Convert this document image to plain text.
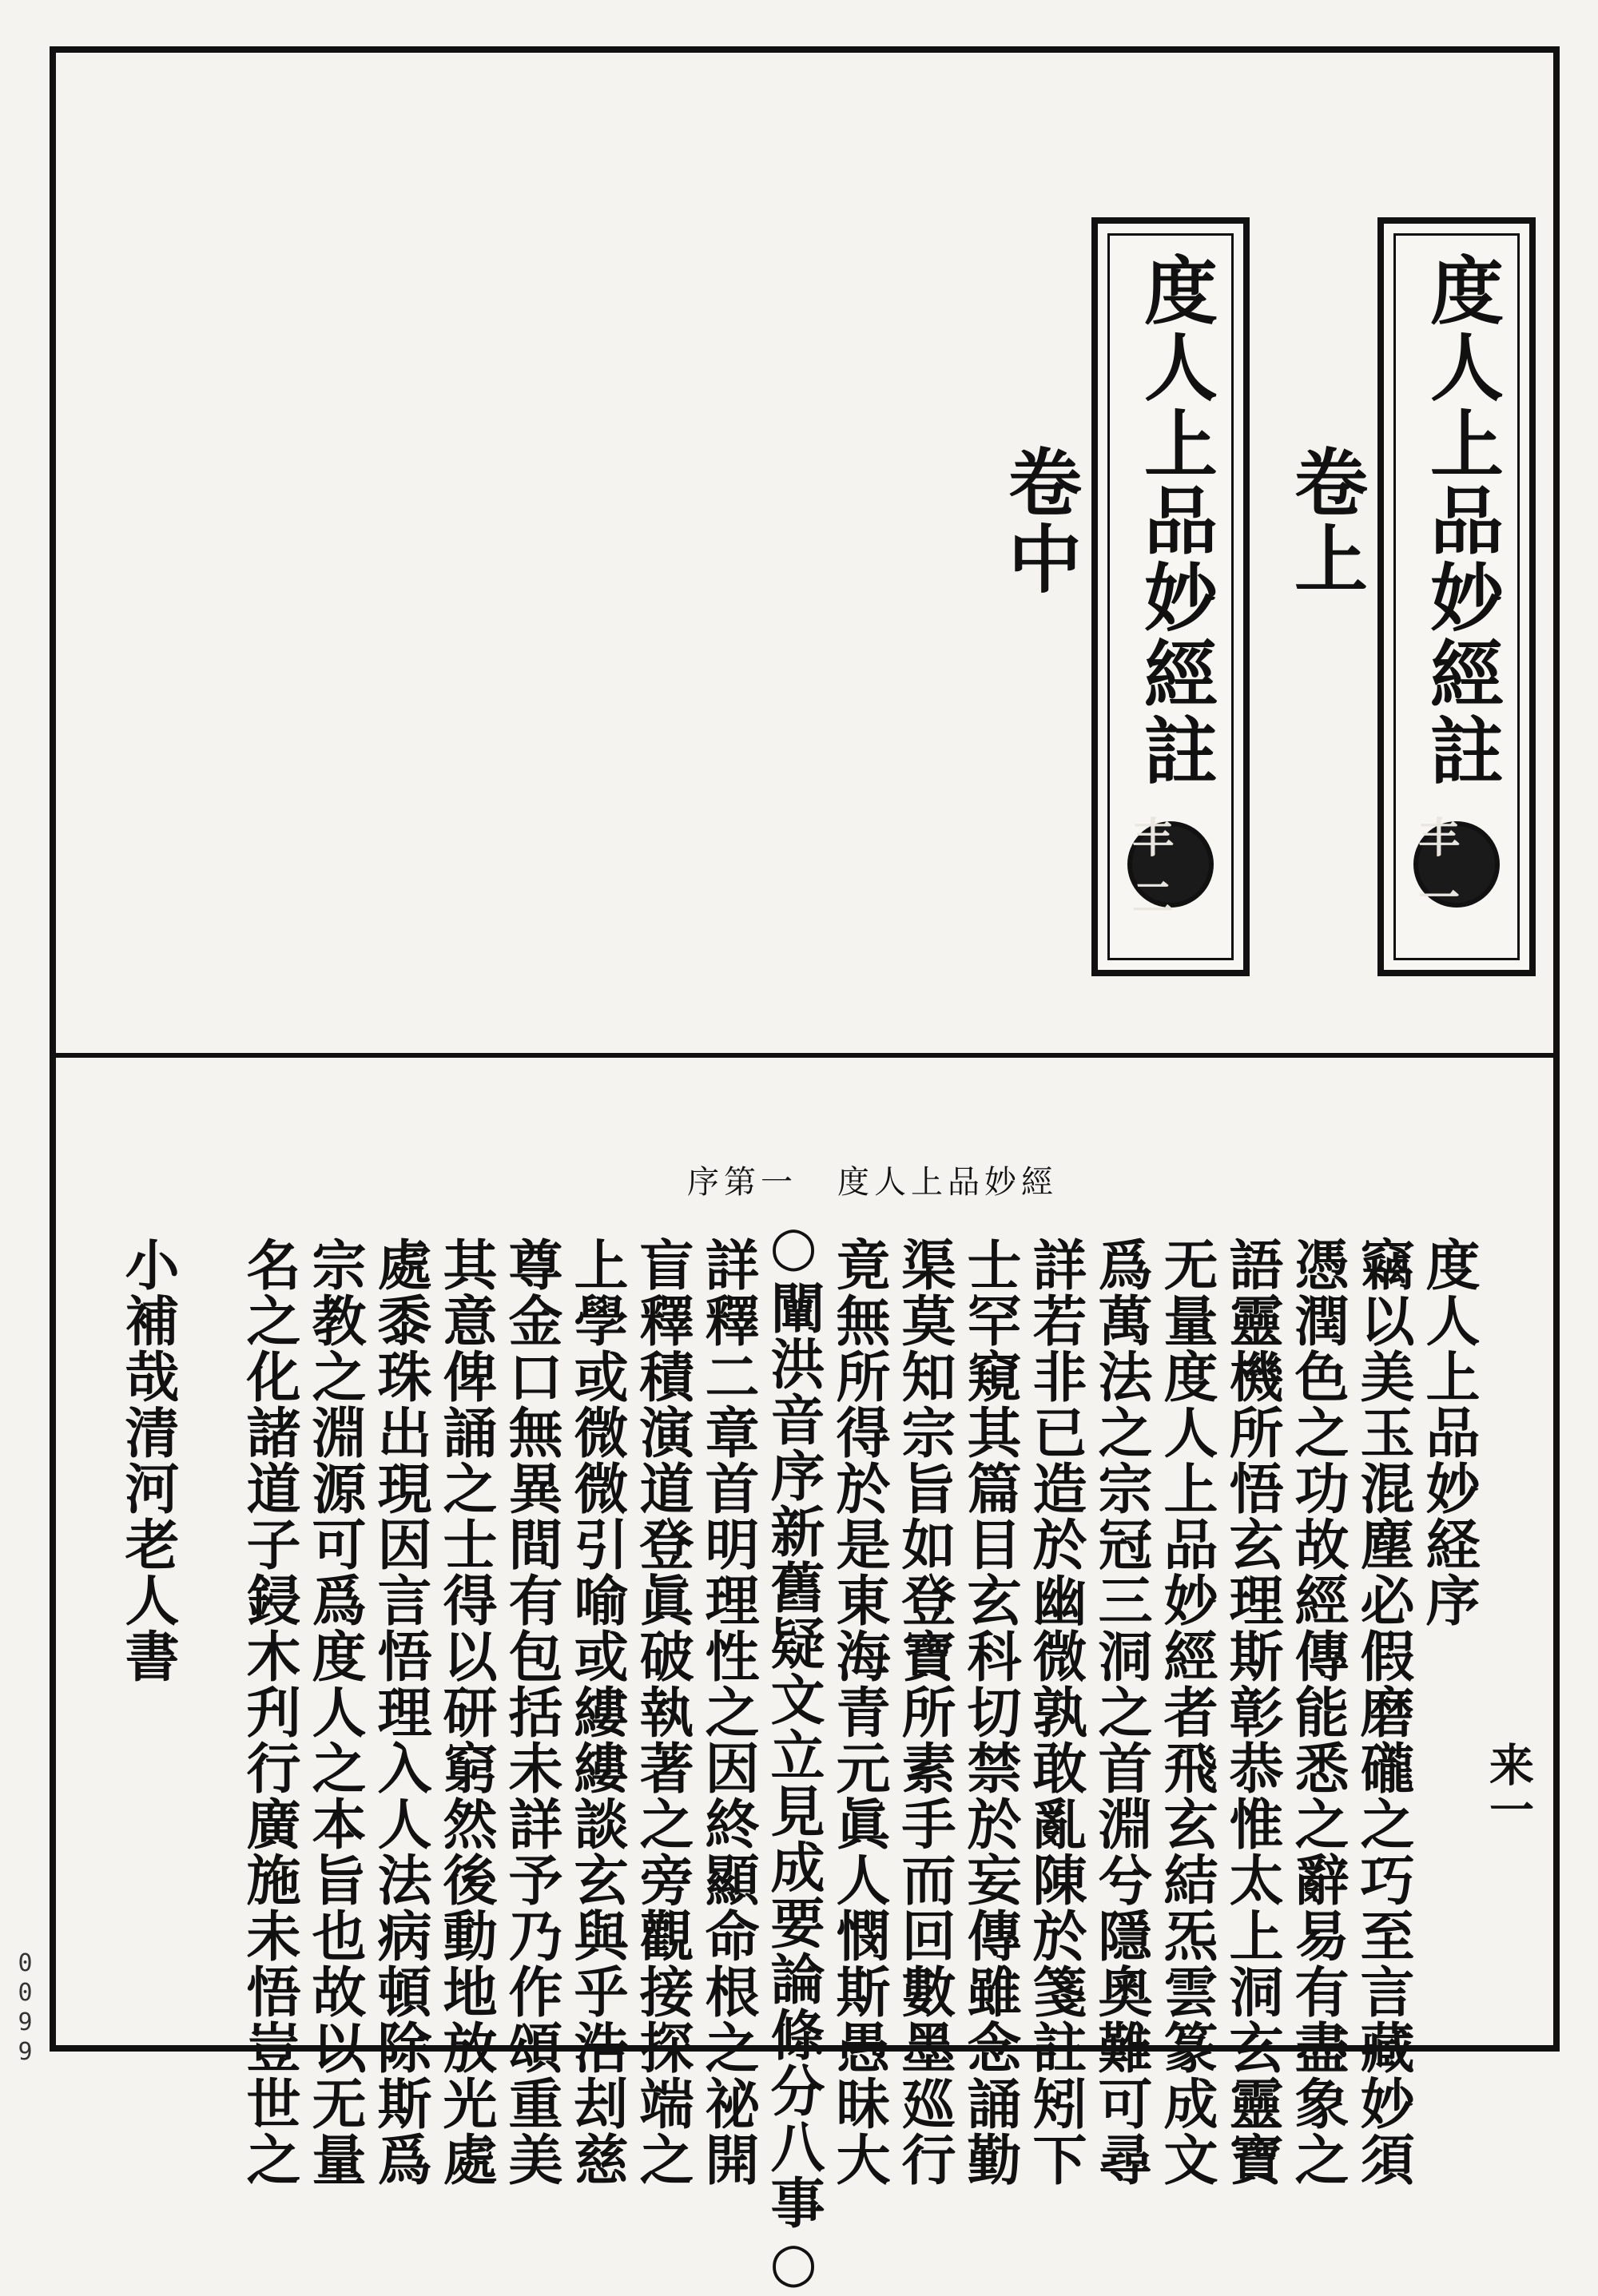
度人上品妙經註卷上
丰一
度人上品妙經註卷中
丰二
序第一 度人上品妙經
来一
度人上品妙経序
竊以美玉混塵必假磨礲之巧至言藏妙須
憑潤色之功故經傳能悉之辭易有盡象之
語靈機所悟玄理斯彰恭惟太上洞玄靈寶
无量度人上品妙經者飛玄結炁雲篆成文
爲萬法之宗冠三洞之首淵兮隱奧難可尋
詳若非已造於幽微孰敢亂陳於箋註矧下
士罕窺其篇目玄科切禁於妄傳雖念誦勤
渠莫知宗旨如登寶所素手而回數墨廵行
竟無所得於是東海青元眞人憫斯愚昧大
○闡洪音序新舊疑文立見成要論條分八事○
詳釋二章首明理性之因終顯命根之祕開
盲釋積演道登眞破執著之旁觀接探端之
上學或微微引喻或縷縷談玄與乎浩刦慈
尊金口無異間有包括未詳予乃作頌重美
其意俾誦之士得以研窮然後動地放光處
處黍珠出現因言悟理入人法病頓除斯爲
宗教之淵源可爲度人之本旨也故以无量
名之化諸道子鋟木刋行廣施未悟豈世之
小補哉清河老人書
0099
